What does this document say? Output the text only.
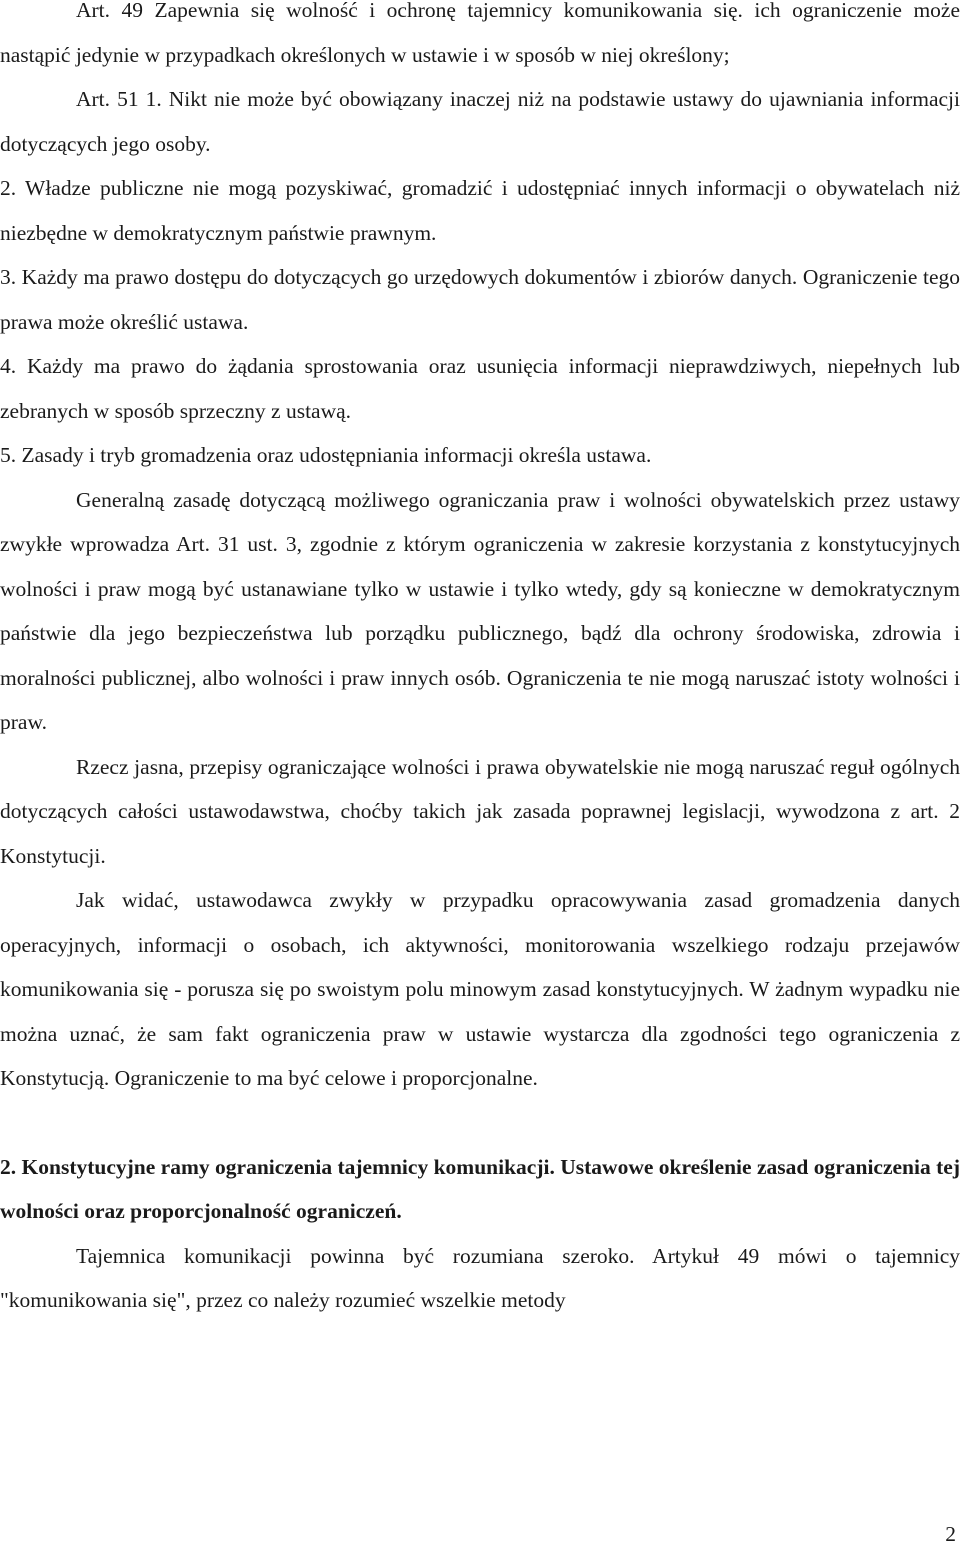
Art. 49 Zapewnia się wolność i ochronę tajemnicy komunikowania się. ich ograniczenie może nastąpić jedynie w przypadkach określonych w ustawie i w sposób w niej określony;

Art. 51 1. Nikt nie może być obowiązany inaczej niż na podstawie ustawy do ujawniania informacji dotyczących jego osoby.

2. Władze publiczne nie mogą pozyskiwać, gromadzić i udostępniać innych informacji o obywatelach niż niezbędne w demokratycznym państwie prawnym.

3. Każdy ma prawo dostępu do dotyczących go urzędowych dokumentów i zbiorów danych. Ograniczenie tego prawa może określić ustawa.

4. Każdy ma prawo do żądania sprostowania oraz usunięcia informacji nieprawdziwych, niepełnych lub zebranych w sposób sprzeczny z ustawą.

5. Zasady i tryb gromadzenia oraz udostępniania informacji określa ustawa.

Generalną zasadę dotyczącą możliwego ograniczania praw i wolności obywatelskich przez ustawy zwykłe wprowadza Art. 31 ust. 3, zgodnie z którym ograniczenia w zakresie korzystania z konstytucyjnych wolności i praw mogą być ustanawiane tylko w ustawie i tylko wtedy, gdy są konieczne w demokratycznym państwie dla jego bezpieczeństwa lub porządku publicznego, bądź dla ochrony środowiska, zdrowia i moralności publicznej, albo wolności i praw innych osób. Ograniczenia te nie mogą naruszać istoty wolności i praw.

Rzecz jasna, przepisy ograniczające wolności i prawa obywatelskie nie mogą naruszać reguł ogólnych dotyczących całości ustawodawstwa, choćby takich jak zasada poprawnej legislacji, wywodzona z art. 2 Konstytucji.

Jak widać, ustawodawca zwykły w przypadku opracowywania zasad gromadzenia danych operacyjnych, informacji o osobach, ich aktywności, monitorowania wszelkiego rodzaju przejawów komunikowania się - porusza się po swoistym polu minowym zasad konstytucyjnych. W żadnym wypadku nie można uznać, że sam fakt ograniczenia praw w ustawie wystarcza dla zgodności tego ograniczenia z Konstytucją. Ograniczenie to ma być celowe i proporcjonalne.

2. Konstytucyjne ramy ograniczenia tajemnicy komunikacji. Ustawowe określenie zasad ograniczenia tej wolności oraz proporcjonalność ograniczeń.

Tajemnica komunikacji powinna być rozumiana szeroko. Artykuł 49 mówi o tajemnicy "komunikowania się", przez co należy rozumieć wszelkie metody

2
